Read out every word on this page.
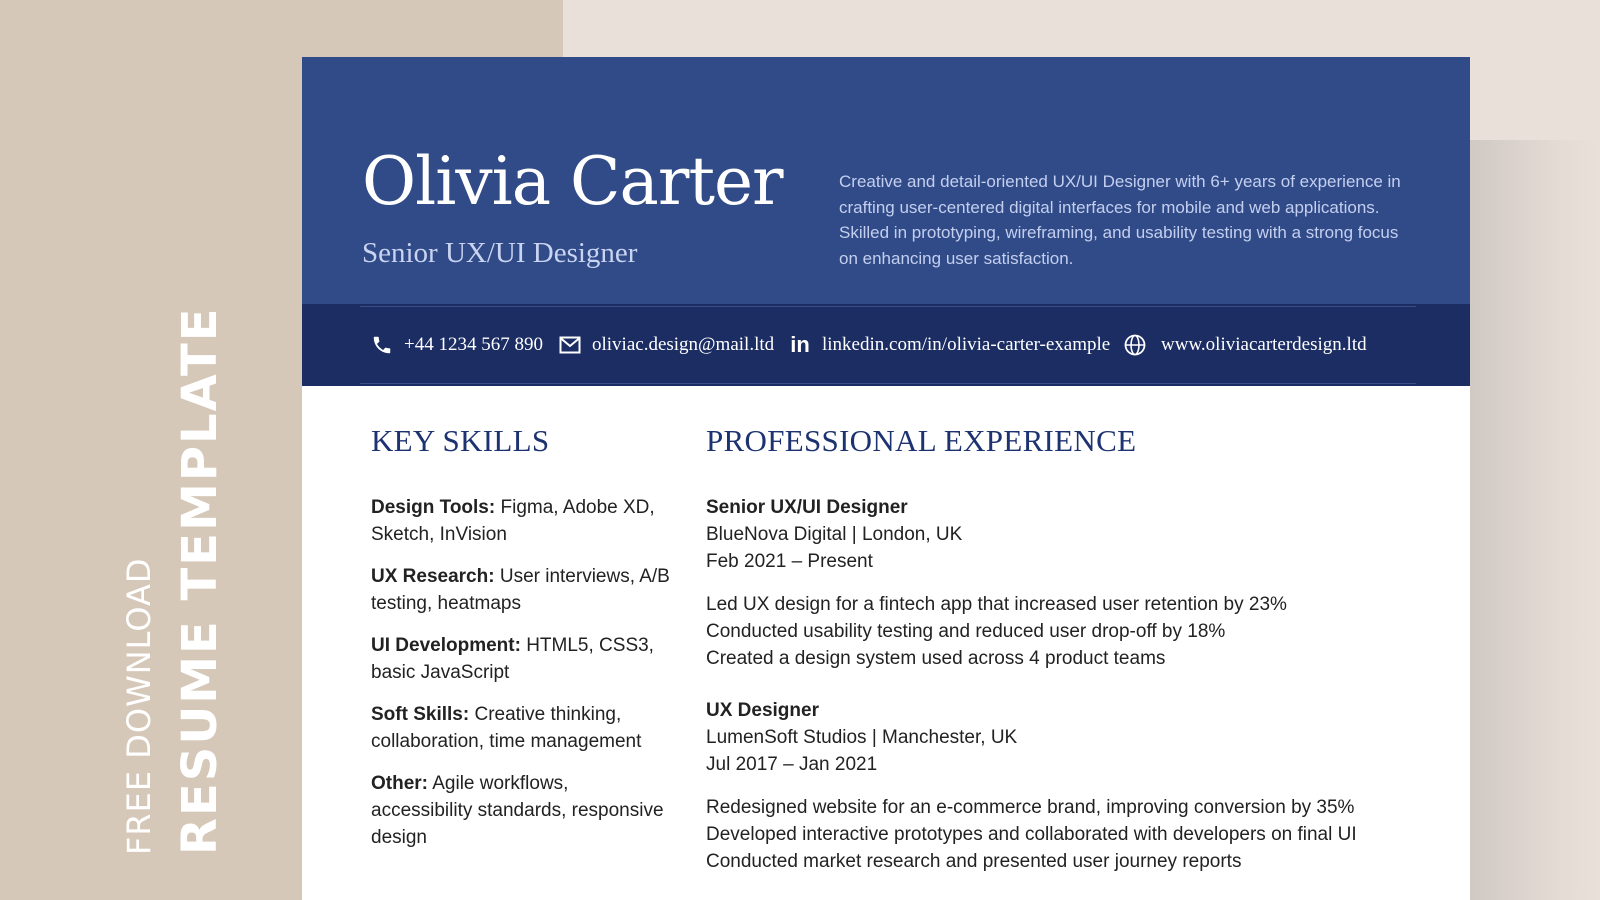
FREE DOWNLOAD RESUME TEMPLATE
Olivia Carter
Senior UX/UI Designer
Creative and detail-oriented UX/UI Designer with 6+ years of experience in crafting user-centered digital interfaces for mobile and web applications. Skilled in prototyping, wireframing, and usability testing with a strong focus on enhancing user satisfaction.
+44 1234 567 890	oliviac.design@mail.ltd in linkedin.com/in/olivia-carter-example	www.oliviacarterdesign.ltd
KEY SKILLS	PROFESSIONAL EXPERIENCE

Design Tools: Figma, Adobe XD, Sketch, InVision

UX Research: User interviews, A/B testing, heatmaps

UI Development: HTML5, CSS3, basic JavaScript

Soft Skills: Creative thinking, collaboration, time management

Other: Agile workflows, accessibility standards, responsive design

Senior UX/UI Designer
BlueNova Digital | London, UK
Feb 2021 – Present
Led UX design for a fintech app that increased user retention by 23%
Conducted usability testing and reduced user drop-off by 18%
Created a design system used across 4 product teams
UX Designer
LumenSoft Studios | Manchester, UK
Jul 2017 – Jan 2021
Redesigned website for an e-commerce brand, improving conversion by 35%
Developed interactive prototypes and collaborated with developers on final UI
Conducted market research and presented user journey reports
